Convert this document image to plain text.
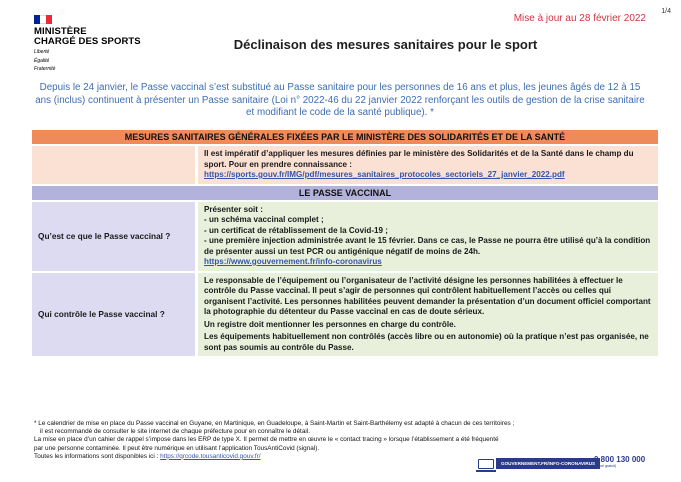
1/4
Mise à jour au 28 février 2022
MINISTÈRE
CHARGÉ DES SPORTS
Liberté
Égalité
Fraternité
Déclinaison des mesures sanitaires pour le sport
Depuis le 24 janvier, le Passe vaccinal s’est substitué au Passe sanitaire pour les personnes de 16 ans et plus, les jeunes âgés de 12 à 15 ans (inclus) continuent à présenter un Passe sanitaire (Loi n° 2022-46 du 22 janvier 2022 renforçant les outils de gestion de la crise sanitaire et modifiant le code de la santé publique). *
MESURES SANITAIRES GÉNÉRALES FIXÉES PAR LE MINISTÈRE DES SOLIDARITÉS ET DE LA SANTÉ
Il est impératif d’appliquer les mesures définies par le ministère des Solidarités et de la Santé dans le champ du sport. Pour en prendre connaissance :
https://sports.gouv.fr/IMG/pdf/mesures_sanitaires_protocoles_sectoriels_27_janvier_2022.pdf
LE PASSE VACCINAL
Qu’est ce que le Passe vaccinal ?
Présenter soit :
- un schéma vaccinal complet ;
- un certificat de rétablissement de la Covid-19 ;
- une première injection administrée avant le 15 février. Dans ce cas, le Passe ne pourra être utilisé qu’à la condition de présenter aussi un test PCR ou antigénique négatif de moins de 24h.
https://www.gouvernement.fr/info-coronavirus
Qui contrôle le Passe vaccinal ?
Le responsable de l’équipement ou l’organisateur de l’activité désigne les personnes habilitées à effectuer le contrôle du Passe vaccinal. Il peut s’agir de personnes qui contrôlent habituellement l’accès ou celles qui organisent l’activité. Les personnes habilitées peuvent demander la présentation d’un document officiel comportant la photographie du détenteur du Passe vaccinal en cas de doute sérieux.
Un registre doit mentionner les personnes en charge du contrôle.
Les équipements habituellement non contrôlés (accès libre ou en autonomie) où la pratique n’est pas organisée, ne sont pas soumis au contrôle du Passe.
* Le calendrier de mise en place du Passe vaccinal en Guyane, en Martinique, en Guadeloupe, à Saint-Martin et Saint-Barthélemy est adapté à chacun de ces territoires ;
il est recommandé de consulter le site internet de chaque préfecture pour en connaître le détail.
La mise en place d’un cahier de rappel s’impose dans les ERP de type X. Il permet de mettre en œuvre le « contact tracing » lorsque l’établissement a été fréquenté
par une personne contaminée. Il peut être numérique en utilisant l’application TousAntiCovid (signal).
Toutes les informations sont disponibles ici : https://qrcode.tousanticovid.gouv.fr/
GOUVERNEMENT.FR/INFO-CORONAVIRUS
0 800 130 000
(appel gratuit)
